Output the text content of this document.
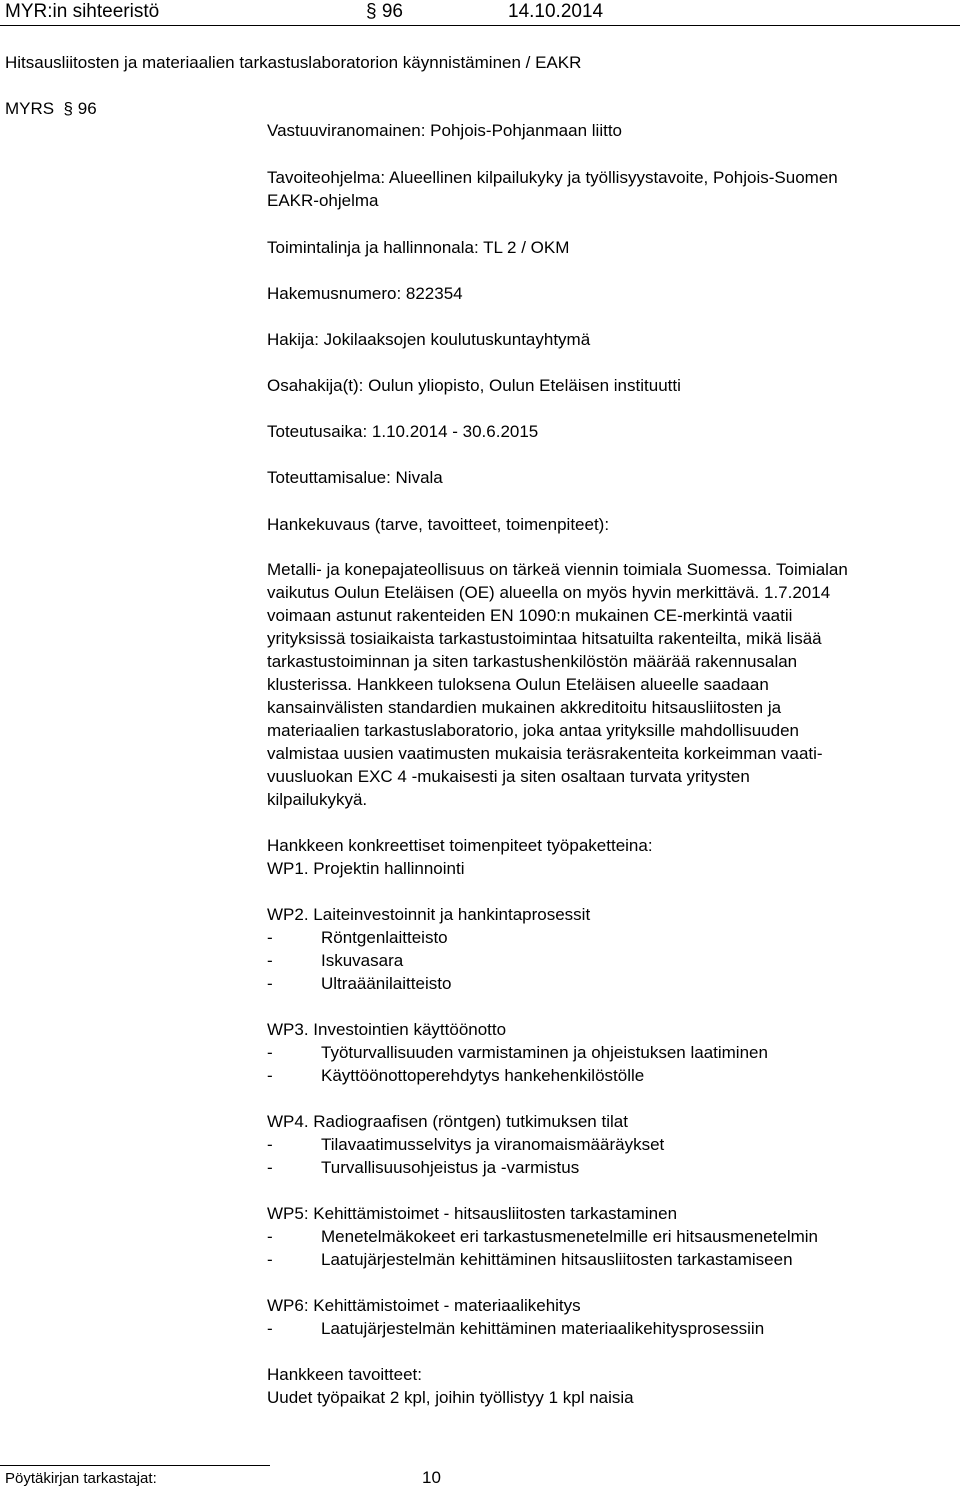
MYR:in sihteeristö	§ 96	14.10.2014
Hitsausliitosten ja materiaalien tarkastuslaboratorion käynnistäminen / EAKR
MYRS  § 96
Vastuuviranomainen: Pohjois-Pohjanmaan liitto
Tavoiteohjelma: Alueellinen kilpailukyky ja työllisyystavoite, Pohjois-Suomen
EAKR-ohjelma
Toimintalinja ja hallinnonala: TL 2 / OKM
Hakemusnumero: 822354
Hakija: Jokilaaksojen koulutuskuntayhtymä
Osahakija(t): Oulun yliopisto, Oulun Eteläisen instituutti
Toteutusaika: 1.10.2014 - 30.6.2015
Toteuttamisalue: Nivala
Hankekuvaus (tarve, tavoitteet, toimenpiteet):
Metalli- ja konepajateollisuus on tärkeä viennin toimiala Suomessa. Toimialan
vaikutus Oulun Eteläisen (OE) alueella on myös hyvin merkittävä. 1.7.2014
voimaan astunut rakenteiden EN 1090:n mukainen CE-merkintä vaatii
yrityksissä tosiaikaista tarkastustoimintaa hitsatuilta rakenteilta, mikä lisää
tarkastustoiminnan ja siten tarkastushenkilöstön määrää rakennusalan
klusterissa. Hankkeen tuloksena Oulun Eteläisen alueelle saadaan
kansainvälisten standardien mukainen akkreditoitu hitsausliitosten ja
materiaalien tarkastuslaboratorio, joka antaa yrityksille mahdollisuuden
valmistaa uusien vaatimusten mukaisia teräsrakenteita korkeimman vaati-
vuusluokan EXC 4 -mukaisesti ja siten osaltaan turvata yritysten
kilpailukykyä.
Hankkeen konkreettiset toimenpiteet työpaketteina:
WP1. Projektin hallinnointi
WP2. Laiteinvestoinnit ja hankintaprosessit
-	Röntgenlaitteisto
-	Iskuvasara
-	Ultraäänilaitteisto
WP3. Investointien käyttöönotto
-	Työturvallisuuden varmistaminen ja ohjeistuksen laatiminen
-	Käyttöönottoperehdytys hankehenkilöstölle
WP4. Radiograafisen (röntgen) tutkimuksen tilat
-	Tilavaatimusselvitys ja viranomaismääräykset
-	Turvallisuusohjeistus ja -varmistus
WP5: Kehittämistoimet - hitsausliitosten tarkastaminen
-	Menetelmäkokeet eri tarkastusmenetelmille eri hitsausmenetelmin
-	Laatujärjestelmän kehittäminen hitsausliitosten tarkastamiseen
WP6: Kehittämistoimet - materiaalikehitys
-	Laatujärjestelmän kehittäminen materiaalikehitysprosessiin
Hankkeen tavoitteet:
Uudet työpaikat 2 kpl, joihin työllistyy 1 kpl naisia
Pöytäkirjan tarkastajat:	10
